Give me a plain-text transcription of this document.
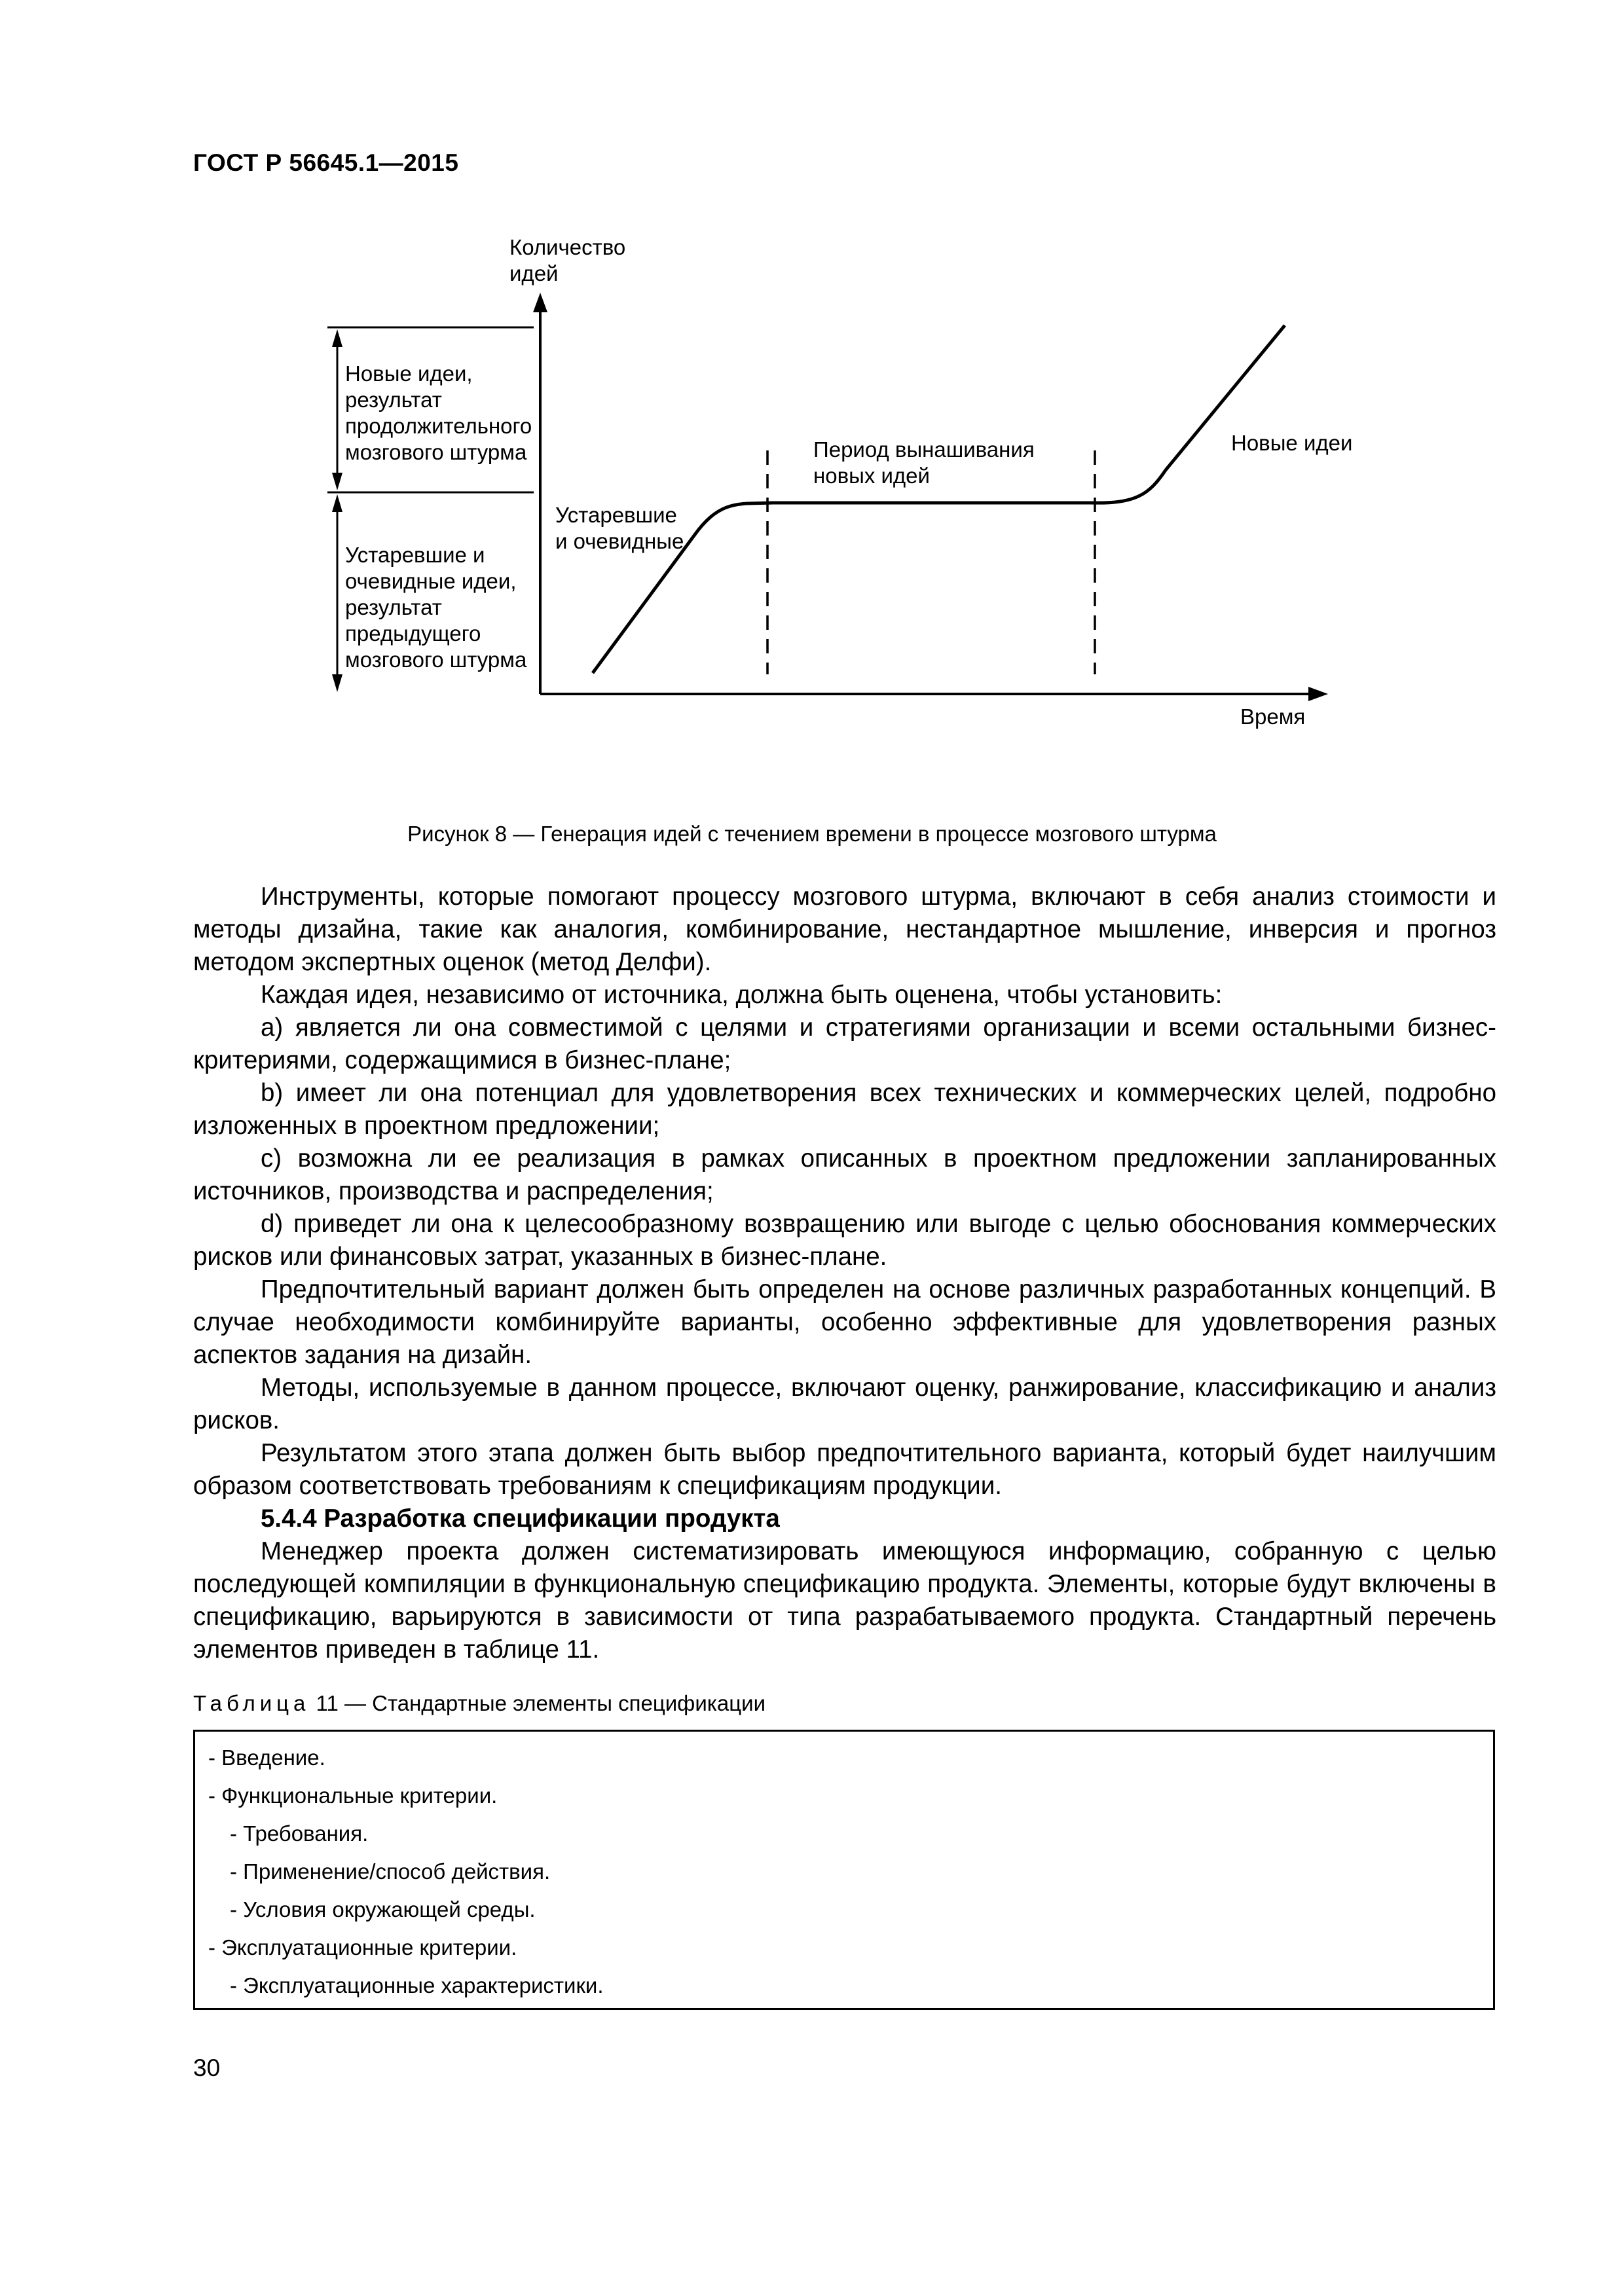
ГОСТ Р 56645.1—2015
Количество
идей
Время
Новые идеи,
результат
продолжительного
мозгового штурма
Устаревшие и
очевидные идеи,
результат
предыдущего
мозгового штурма
Устаревшие
и очевидные
Период вынашивания
новых идей
Новые идеи
Рисунок 8 — Генерация идей с течением времени в процессе мозгового штурма

Инструменты, которые помогают процессу мозгового штурма, включают в себя анализ стоимости и методы дизайна, такие как аналогия, комбинирование, нестандартное мышление, инверсия и прогноз методом экспертных оценок (метод Делфи).

Каждая идея, независимо от источника, должна быть оценена, чтобы установить:

а) является ли она совместимой с целями и стратегиями организации и всеми остальными бизнес-критериями, содержащимися в бизнес-плане;

b) имеет ли она потенциал для удовлетворения всех технических и коммерческих целей, подробно изложенных в проектном предложении;

с) возможна ли ее реализация в рамках описанных в проектном предложении запланированных источников, производства и распределения;

d) приведет ли она к целесообразному возвращению или выгоде с целью обоснования коммерческих рисков или финансовых затрат, указанных в бизнес-плане.

Предпочтительный вариант должен быть определен на основе различных разработанных концепций. В случае необходимости комбинируйте варианты, особенно эффективные для удовлетворения разных аспектов задания на дизайн.

Методы, используемые в данном процессе, включают оценку, ранжирование, классификацию и анализ рисков.

Результатом этого этапа должен быть выбор предпочтительного варианта, который будет наилучшим образом соответствовать требованиям к спецификациям продукции.

5.4.4 Разработка спецификации продукта

Менеджер проекта должен систематизировать имеющуюся информацию, собранную с целью последующей компиляции в функциональную спецификацию продукта. Элементы, которые будут включены в спецификацию, варьируются в зависимости от типа разрабатываемого продукта. Стандартный перечень элементов приведен в таблице 11.

Таблица 11 — Стандартные элементы спецификации
- Введение.
- Функциональные критерии.
- Требования.
- Применение/способ действия.
- Условия окружающей среды.
- Эксплуатационные критерии.
- Эксплуатационные характеристики.
30
